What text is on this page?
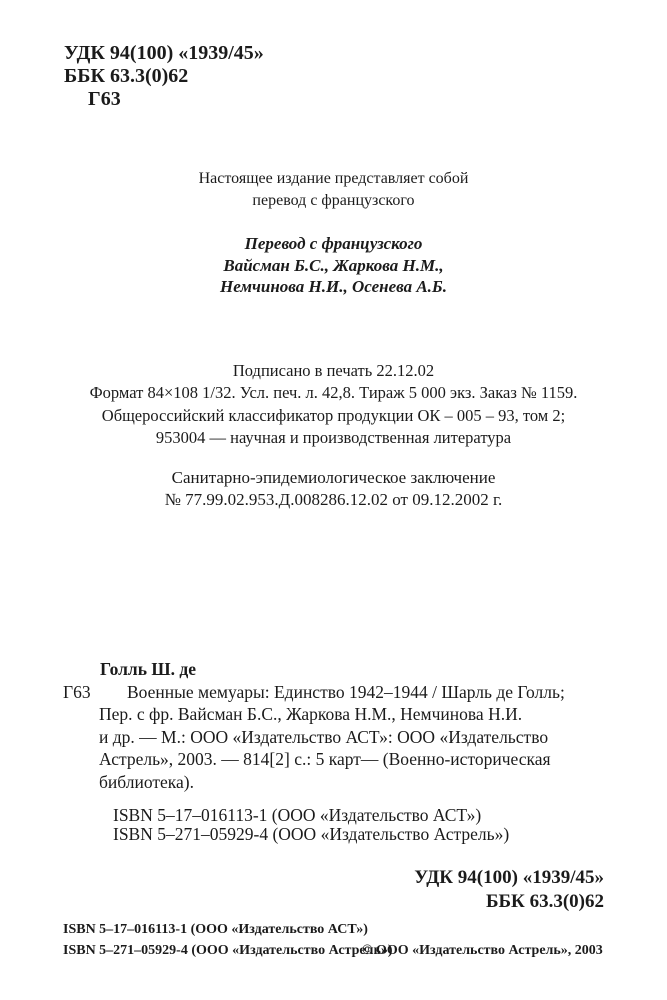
УДК 94(100) «1939/45»
ББК 63.3(0)62
Г63
Настоящее издание представляет собой
перевод с французского
Перевод с французского
Вайсман Б.С., Жаркова Н.М.,
Немчинова Н.И., Осенева А.Б.
Подписано в печать 22.12.02
Формат 84×108 1/32. Усл. печ. л. 42,8. Тираж 5 000 экз. Заказ № 1159.
Общероссийский классификатор продукции ОК – 005 – 93, том 2;
953004 — научная и производственная литература
Санитарно-эпидемиологическое заключение
№ 77.99.02.953.Д.008286.12.02 от 09.12.2002 г.
Голль Ш. де
Г63 Военные мемуары: Единство 1942–1944 / Шарль де Голль;
Пер. с фр. Вайсман Б.С., Жаркова Н.М., Немчинова Н.И.
и др. — М.: ООО «Издательство АСТ»: ООО «Издательство
Астрель», 2003. — 814[2] с.: 5 карт— (Военно-историческая
библиотека).
ISBN 5–17–016113-1 (ООО «Издательство АСТ»)
ISBN 5–271–05929-4 (ООО «Издательство Астрель»)
УДК 94(100) «1939/45»
ББК 63.3(0)62
ISBN 5–17–016113-1 (ООО «Издательство АСТ»)
ISBN 5–271–05929-4 (ООО «Издательство Астрель»)
© ООО «Издательство Астрель», 2003
